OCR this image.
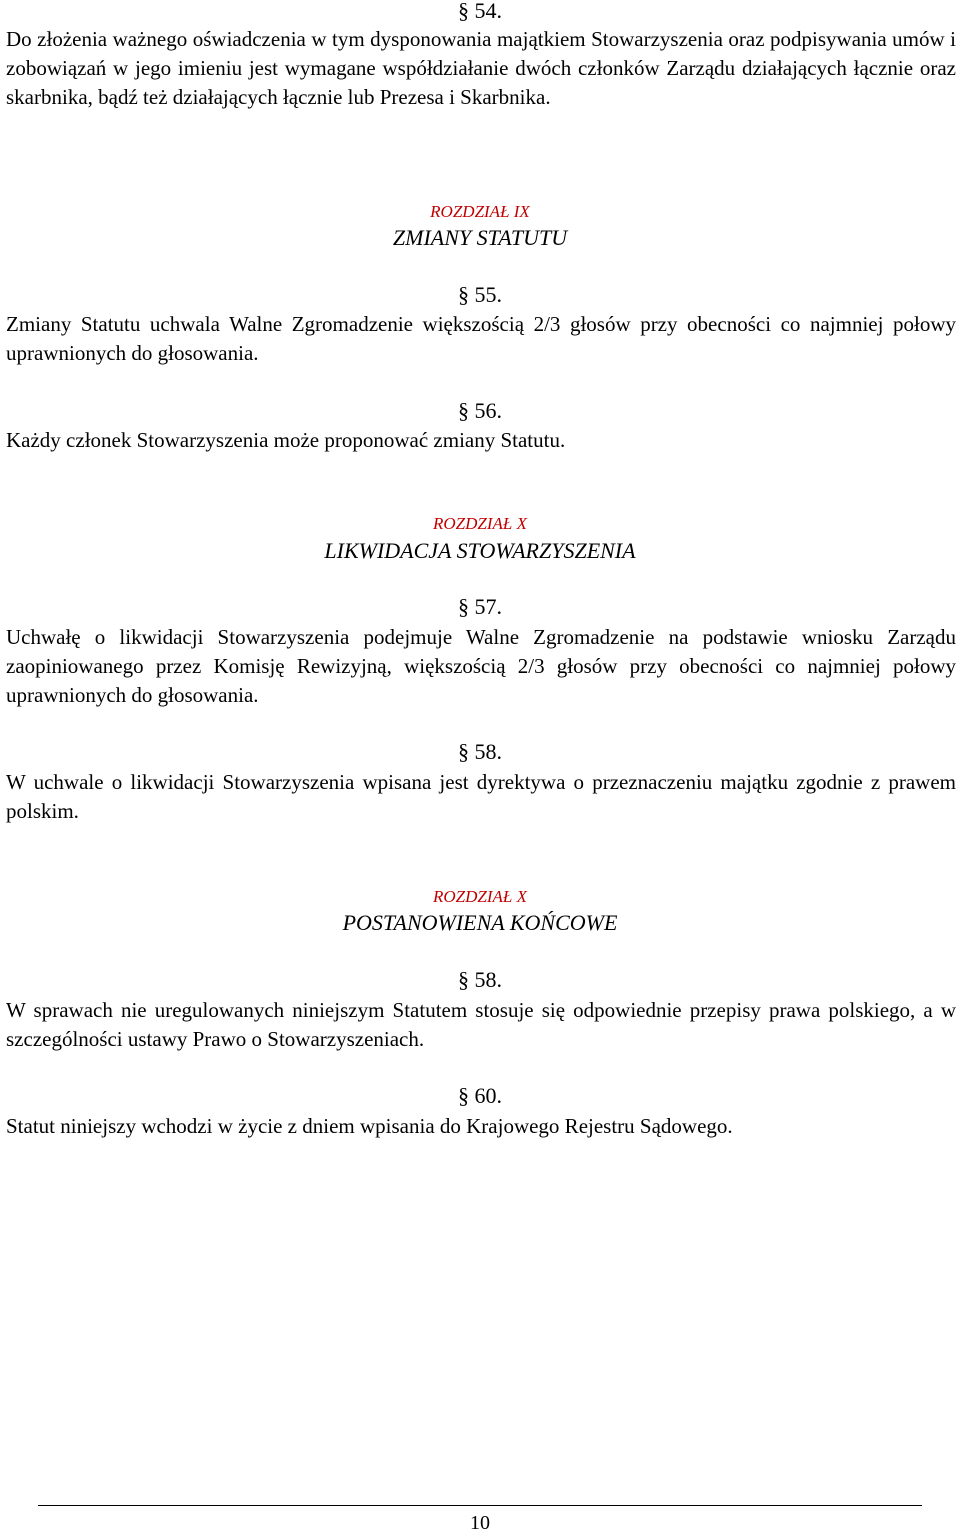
§ 54.
Do złożenia ważnego oświadczenia w tym dysponowania majątkiem Stowarzyszenia oraz podpisywania umów i zobowiązań w jego imieniu jest wymagane współdziałanie dwóch członków Zarządu działających łącznie oraz skarbnika, bądź też działających łącznie lub Prezesa i Skarbnika.
ROZDZIAŁ IX
ZMIANY STATUTU
§ 55.
Zmiany Statutu uchwala Walne Zgromadzenie większością 2/3 głosów przy obecności co najmniej połowy uprawnionych do głosowania.
§ 56.
Każdy członek Stowarzyszenia może proponować zmiany Statutu.
ROZDZIAŁ X
LIKWIDACJA STOWARZYSZENIA
§ 57.
Uchwałę o likwidacji Stowarzyszenia podejmuje Walne Zgromadzenie na podstawie wniosku Zarządu zaopiniowanego przez Komisję Rewizyjną, większością 2/3 głosów przy obecności co najmniej połowy uprawnionych do głosowania.
§ 58.
W uchwale o likwidacji Stowarzyszenia wpisana jest dyrektywa o przeznaczeniu majątku zgodnie z prawem polskim.
ROZDZIAŁ X
POSTANOWIENA KOŃCOWE
§ 58.
W sprawach nie uregulowanych niniejszym Statutem stosuje się odpowiednie przepisy prawa polskiego, a w szczególności ustawy Prawo o Stowarzyszeniach.
§ 60.
Statut niniejszy wchodzi w życie z dniem wpisania do Krajowego Rejestru Sądowego.
10
